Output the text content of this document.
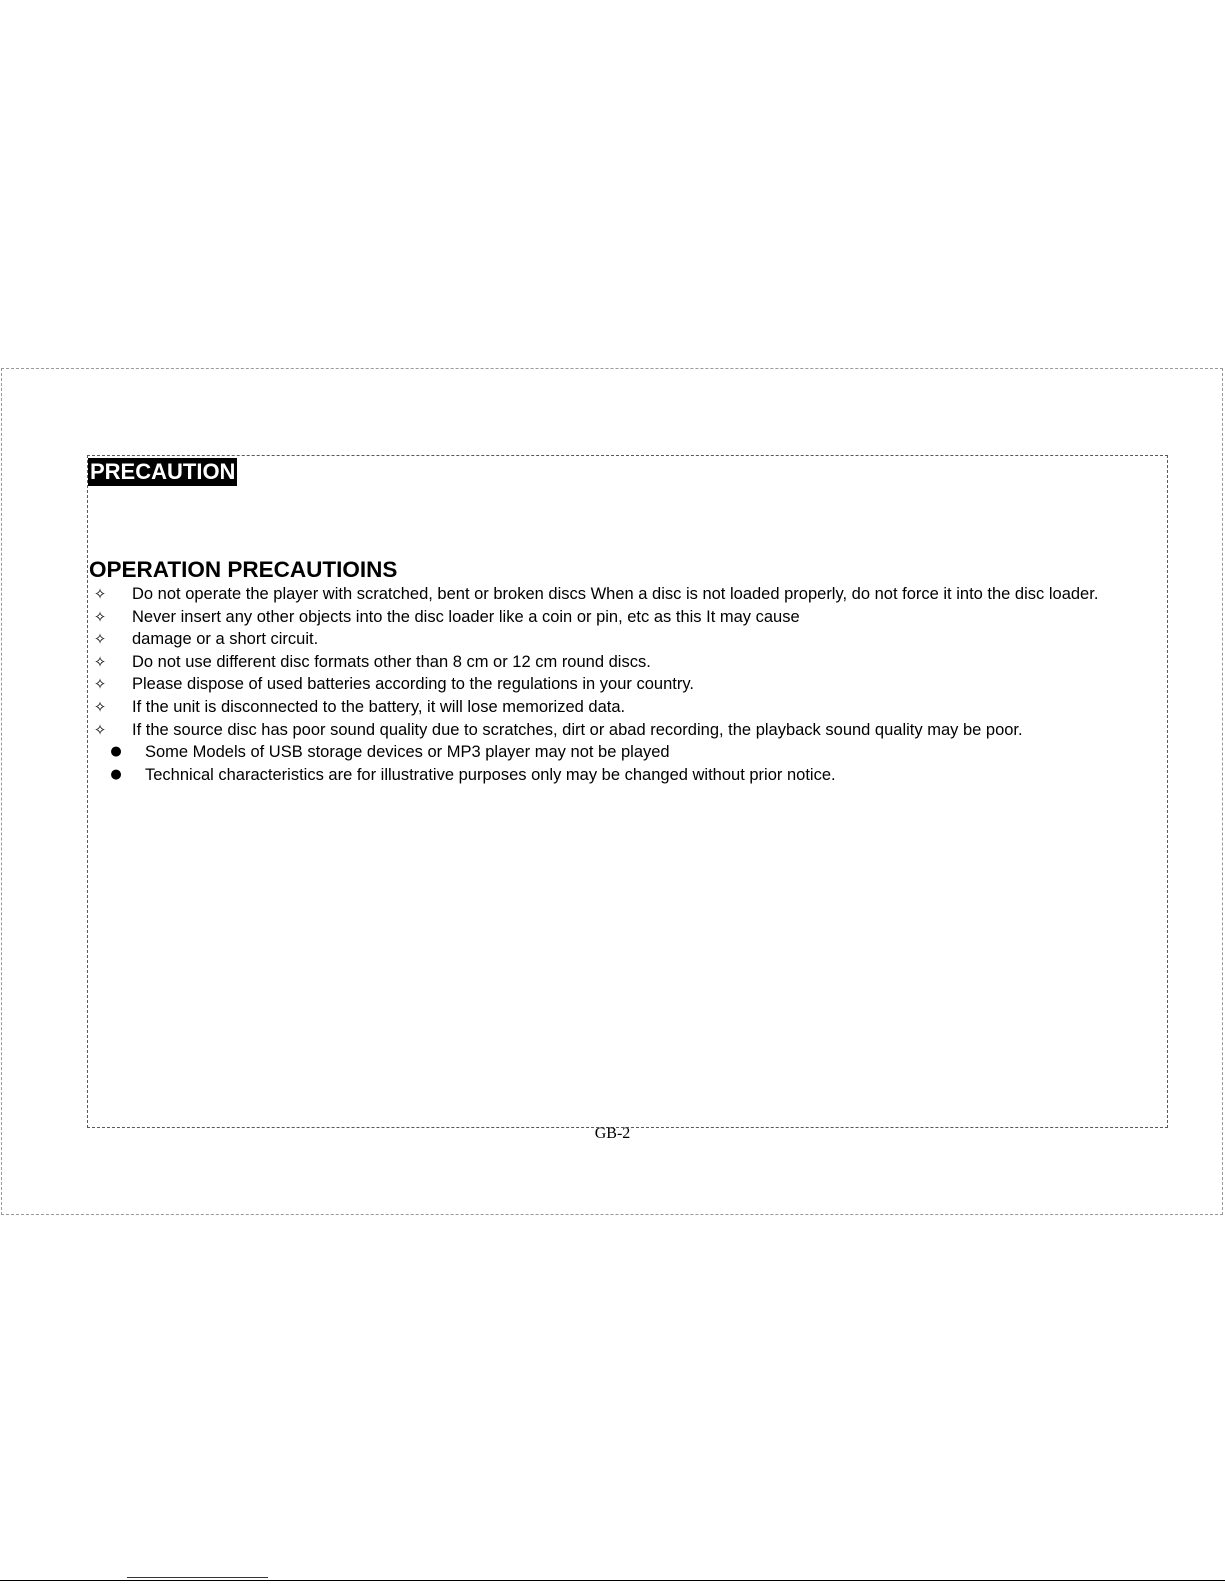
PRECAUTION
OPERATION PRECAUTIOINS
✧ Do not operate the player with scratched, bent or broken discs When a disc is not loaded properly, do not force it into the disc loader.
✧ Never insert any other objects into the disc loader like a coin or pin, etc as this It may cause
✧ damage or a short circuit.
✧ Do not use different disc formats other than 8 cm or 12 cm round discs.
✧ Please dispose of used batteries according to the regulations in your country.
✧ If the unit is disconnected to the battery, it will lose memorized data.
✧ If the source disc has poor sound quality due to scratches, dirt or abad recording, the playback sound quality may be poor.
● Some Models of USB storage devices or MP3 player may not be played
● Technical characteristics are for illustrative purposes only may be changed without prior notice.
GB-2
